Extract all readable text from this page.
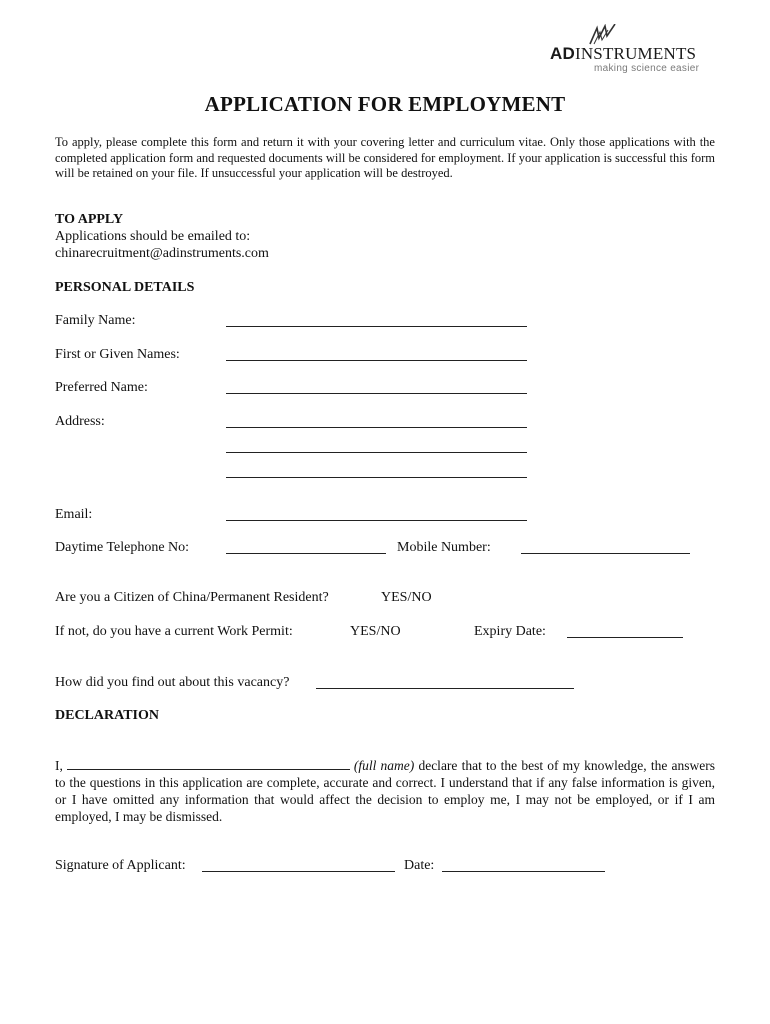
ADINSTRUMENTS
making science easier
APPLICATION FOR EMPLOYMENT
To apply, please complete this form and return it with your covering letter and curriculum vitae. Only those applications with the completed application form and requested documents will be considered for employment. If your application is successful this form will be retained on your file. If unsuccessful your application will be destroyed.
TO APPLY
Applications should be emailed to:
chinarecruitment@adinstruments.com
PERSONAL DETAILS
Family Name:
First or Given Names:
Preferred Name:
Address:
Email:
Daytime Telephone No:	Mobile Number:
Are you a Citizen of China/Permanent Resident?	YES/NO
If not, do you have a current Work Permit:	YES/NO	Expiry Date:
How did you find out about this vacancy?
DECLARATION
I,	(full name) declare that to the best of my knowledge, the answers to the questions in this application are complete, accurate and correct. I understand that if any false information is given, or I have omitted any information that would affect the decision to employ me, I may not be employed, or if I am employed, I may be dismissed.
Signature of Applicant:	Date:
